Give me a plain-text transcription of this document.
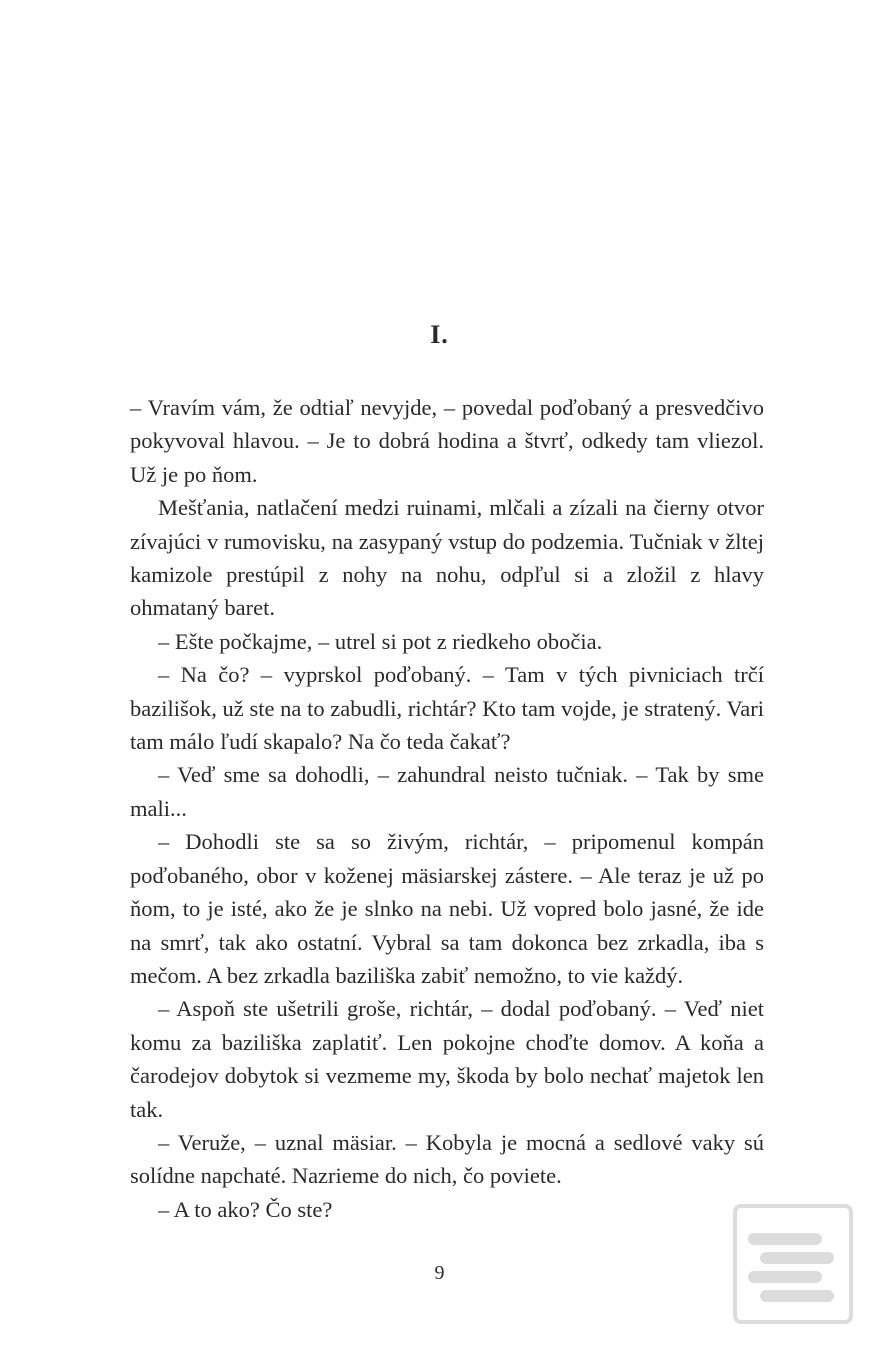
I.

– Vravím vám, že odtiaľ nevyjde, – povedal poďobaný a presvedčivo pokyvoval hlavou. – Je to dobrá hodina a štvrť, odkedy tam vliezol. Už je po ňom.

Mešťania, natlačení medzi ruinami, mlčali a zízali na čierny otvor zívajúci v rumovisku, na zasypaný vstup do podzemia. Tučniak v žltej kamizole prestúpil z nohy na nohu, odpľul si a zložil z hlavy ohmataný baret.

– Ešte počkajme, – utrel si pot z riedkeho obočia.

– Na čo? – vyprskol poďobaný. – Tam v tých pivniciach trčí bazilišok, už ste na to zabudli, richtár? Kto tam vojde, je stratený. Vari tam málo ľudí skapalo? Na čo teda čakať?

– Veď sme sa dohodli, – zahundral neisto tučniak. – Tak by sme mali...

– Dohodli ste sa so živým, richtár, – pripomenul kompán poďobaného, obor v koženej mäsiarskej zástere. – Ale teraz je už po ňom, to je isté, ako že je slnko na nebi. Už vopred bolo jasné, že ide na smrť, tak ako ostatní. Vybral sa tam dokonca bez zrkadla, iba s mečom. A bez zrkadla baziliška zabiť nemožno, to vie každý.

– Aspoň ste ušetrili groše, richtár, – dodal poďobaný. – Veď niet komu za baziliška zaplatiť. Len pokojne choďte domov. A koňa a čarodejov dobytok si vezmeme my, škoda by bolo nechať majetok len tak.

– Veruže, – uznal mäsiar. – Kobyla je mocná a sedlové vaky sú solídne napchaté. Nazrieme do nich, čo poviete.

– A to ako? Čo ste?

9
